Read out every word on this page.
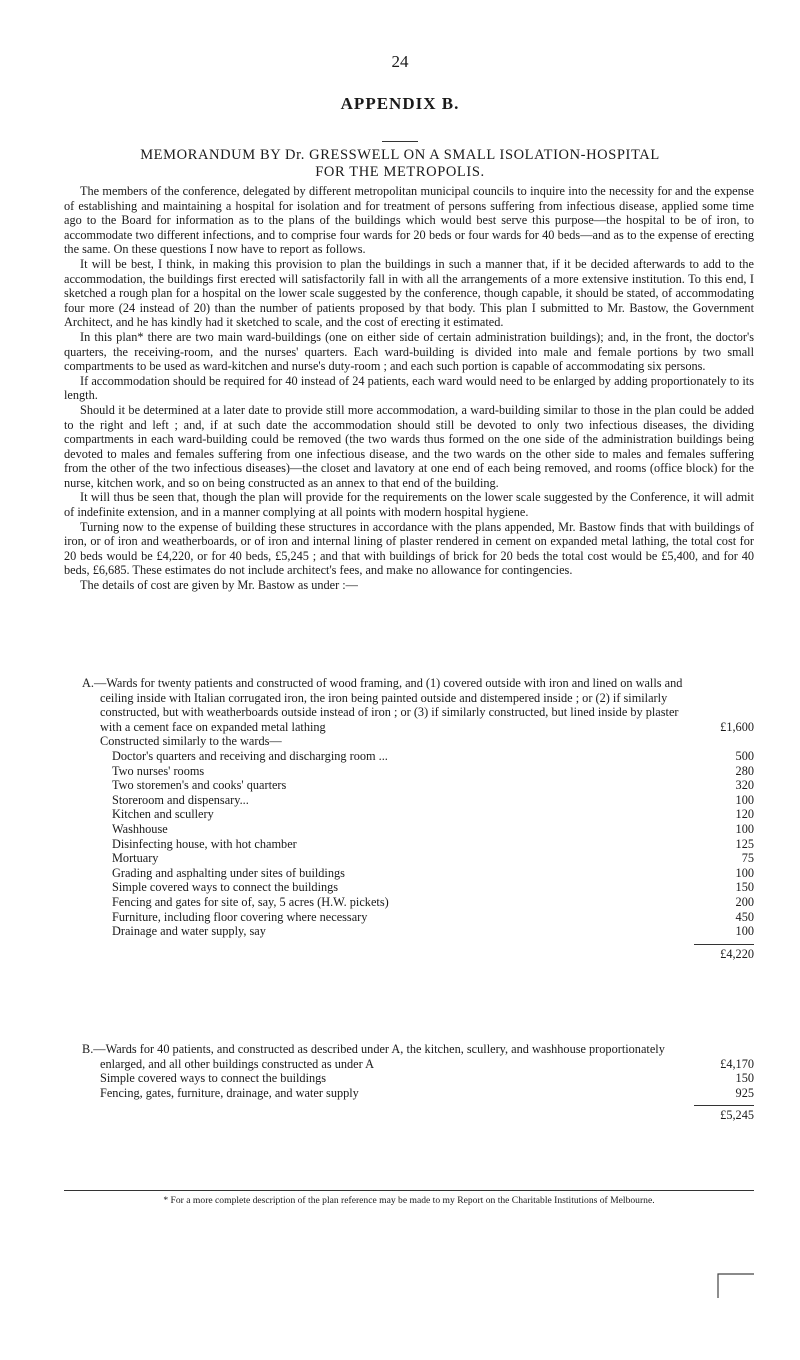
24
APPENDIX B.
MEMORANDUM BY Dr. GRESSWELL ON A SMALL ISOLATION-HOSPITAL
FOR THE METROPOLIS.

The members of the conference, delegated by different metropolitan municipal councils to inquire into the necessity for and the expense of establishing and maintaining a hospital for isolation and for treatment of persons suffering from infectious disease, applied some time ago to the Board for information as to the plans of the buildings which would best serve this purpose—the hospital to be of iron, to accommodate two different infections, and to comprise four wards for 20 beds or four wards for 40 beds—and as to the expense of erecting the same. On these questions I now have to report as follows.

It will be best, I think, in making this provision to plan the buildings in such a manner that, if it be decided afterwards to add to the accommodation, the buildings first erected will satisfactorily fall in with all the arrangements of a more extensive institution. To this end, I sketched a rough plan for a hospital on the lower scale suggested by the conference, though capable, it should be stated, of accommodating four more (24 instead of 20) than the number of patients proposed by that body. This plan I submitted to Mr. Bastow, the Government Architect, and he has kindly had it sketched to scale, and the cost of erecting it estimated.

In this plan* there are two main ward-buildings (one on either side of certain administration buildings); and, in the front, the doctor's quarters, the receiving-room, and the nurses' quarters. Each ward-building is divided into male and female portions by two small compartments to be used as ward-kitchen and nurse's duty-room ; and each such portion is capable of accommodating six persons.

If accommodation should be required for 40 instead of 24 patients, each ward would need to be enlarged by adding proportionately to its length.

Should it be determined at a later date to provide still more accommodation, a ward-building similar to those in the plan could be added to the right and left ; and, if at such date the accommodation should still be devoted to only two infectious diseases, the dividing compartments in each ward-building could be removed (the two wards thus formed on the one side of the administration buildings being devoted to males and females suffering from one infectious disease, and the two wards on the other side to males and females suffering from the other of the two infectious diseases)—the closet and lavatory at one end of each being removed, and rooms (office block) for the nurse, kitchen work, and so on being constructed as an annex to that end of the building.

It will thus be seen that, though the plan will provide for the requirements on the lower scale suggested by the Conference, it will admit of indefinite extension, and in a manner complying at all points with modern hospital hygiene.

Turning now to the expense of building these structures in accordance with the plans appended, Mr. Bastow finds that with buildings of iron, or of iron and weatherboards, or of iron and internal lining of plaster rendered in cement on expanded metal lathing, the total cost for 20 beds would be £4,220, or for 40 beds, £5,245 ; and that with buildings of brick for 20 beds the total cost would be £5,400, and for 40 beds, £6,685. These estimates do not include architect's fees, and make no allowance for contingencies.

The details of cost are given by Mr. Bastow as under :—

A.—Wards for twenty patients and constructed of wood framing, and (1) covered outside with iron and lined on walls and ceiling inside with Italian corrugated iron, the iron being painted outside and distempered inside ; or (2) if similarly constructed, but with weatherboards outside instead of iron ; or (3) if similarly constructed, but lined inside by plaster with a cement face on expanded metal lathing	£1,600
Constructed similarly to the wards—
Doctor's quarters and receiving and discharging room ...	500
Two nurses' rooms	280
Two storemen's and cooks' quarters	320
Storeroom and dispensary...	100
Kitchen and scullery	120
Washhouse	100
Disinfecting house, with hot chamber	125
Mortuary	75
Grading and asphalting under sites of buildings	100
Simple covered ways to connect the buildings	150
Fencing and gates for site of, say, 5 acres (H.W. pickets)	200
Furniture, including floor covering where necessary	450
Drainage and water supply, say	100
£4,220
B.—Wards for 40 patients, and constructed as described under A, the kitchen, scullery, and washhouse proportionately enlarged, and all other buildings constructed as under A	£4,170
Simple covered ways to connect the buildings	150
Fencing, gates, furniture, drainage, and water supply	925
£5,245
* For a more complete description of the plan reference may be made to my Report on the Charitable Institutions of Melbourne.
